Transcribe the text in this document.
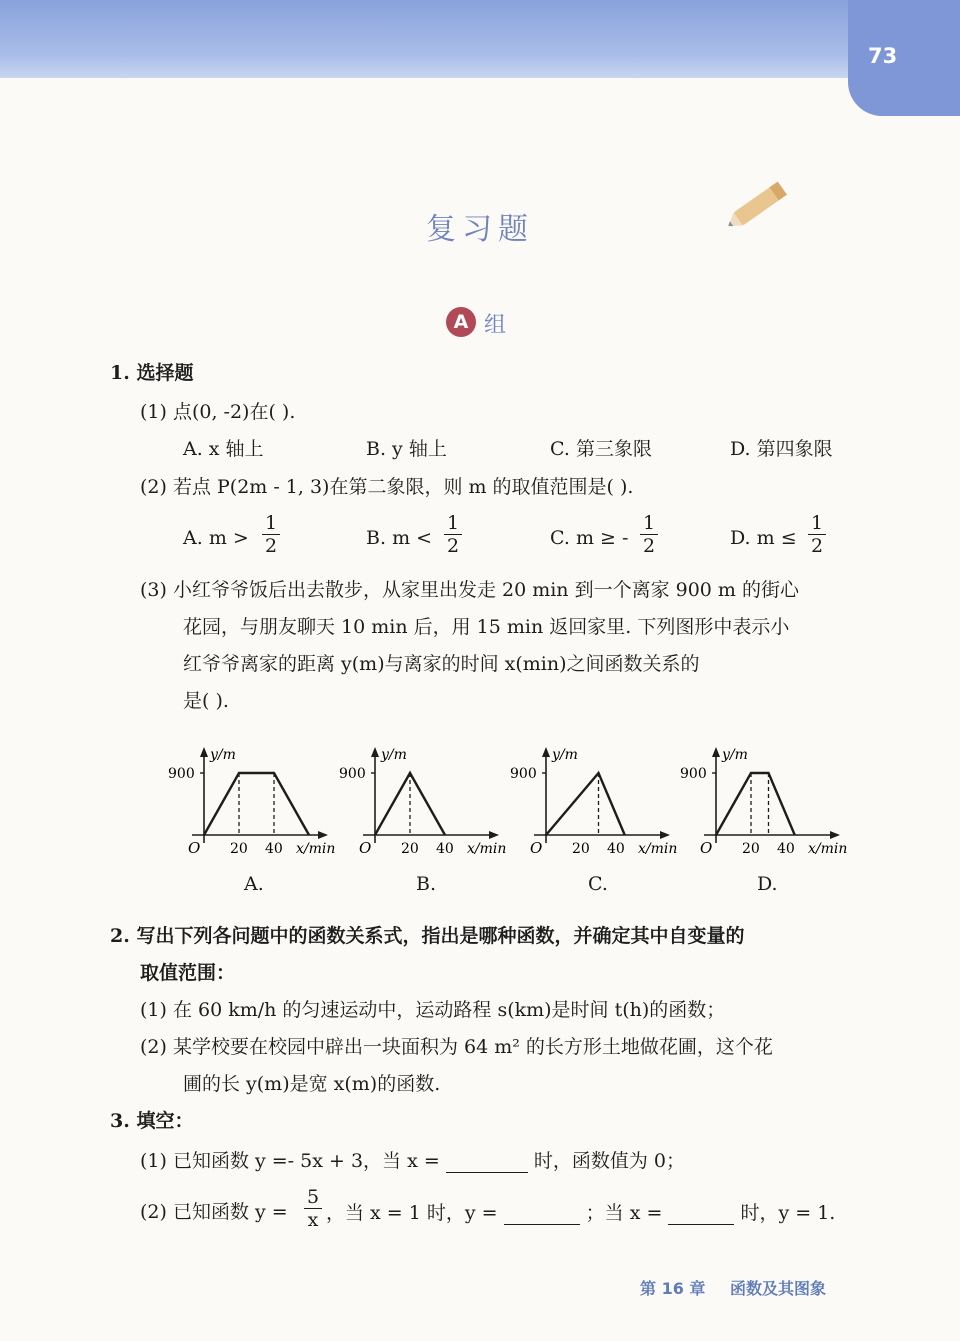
73
复习题
A 组
1. 选择题
(1) 点(0, -2)在( ).
A. x 轴上	B. y 轴上	C. 第三象限	D. 第四象限
(2) 若点 P(2m - 1, 3)在第二象限，则 m 的取值范围是( ).
A. $m > \frac{1}{2}$	B. $m < \frac{1}{2}$	C. m ≥ - $\frac{1}{2}$	D. $m \le \frac{1}{2}$
(3) 小红爷爷饭后出去散步，从家里出发走 20 min 到一个离家 900 m 的街心
花园，与朋友聊天 10 min 后，用 15 min 返回家里. 下列图形中表示小
红爷爷离家的距离 y(m)与离家的时间 x(min)之间函数关系的
是( ).
y/m
900
O 20 40 x/min
y/m
900
O 20 40 x/min
y/m
900
O 20 40 x/min
y/m
900
O 20 40 x/min
A.	B.	C.	D.
2. 写出下列各问题中的函数关系式，指出是哪种函数，并确定其中自变量的
取值范围：
(1) 在 60 km/h 的匀速运动中，运动路程 s(km)是时间 t(h)的函数；
(2) 某学校要在校园中辟出一块面积为 64 m² 的长方形土地做花圃，这个花
圃的长 y(m)是宽 x(m)的函数.
3. 填空：
(1) 已知函数 y =- 5x + 3，当 x =	时，函数值为 0；
(2) 已知函数 $y = \frac{5}{x}$ ，当 x = 1 时，y =	；当 x =	时，y = 1.
第 16 章 函数及其图象
